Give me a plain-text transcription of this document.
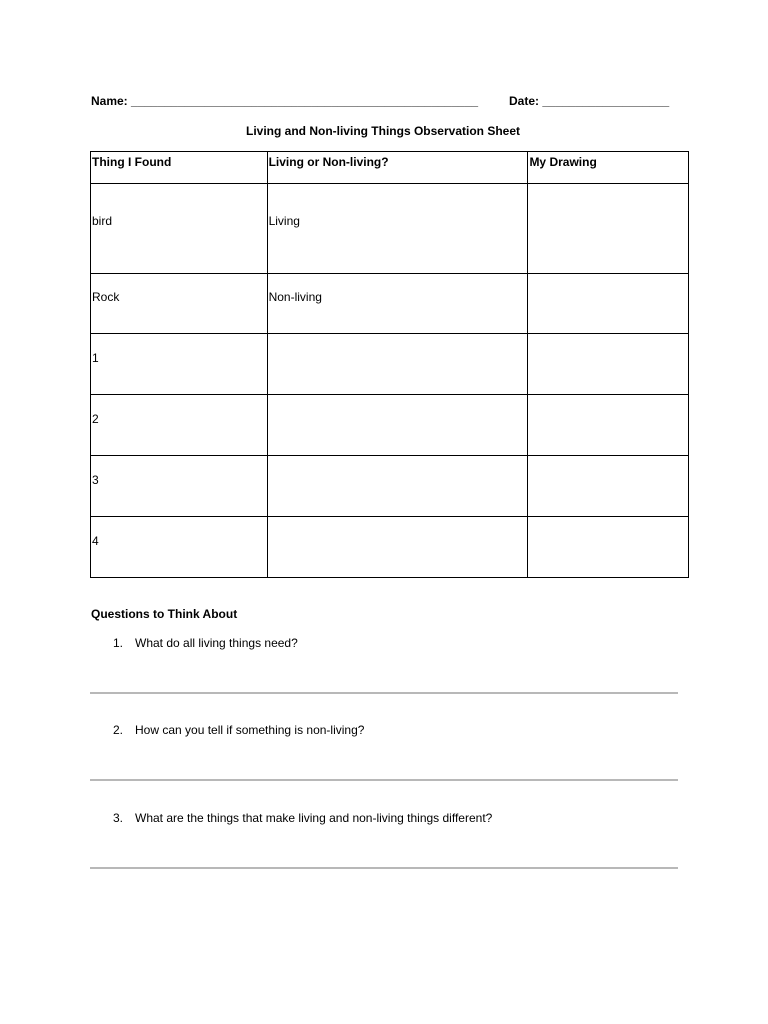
Name: ____________________________________________________	Date: ___________________
Living and Non-living Things Observation Sheet
Thing I Found	Living or Non-living?	My Drawing

bird	Living	

Rock	Non-living	

1		

2		

3		

4		

Questions to Think About
1. What do all living things need?
2. How can you tell if something is non-living?
3. What are the things that make living and non-living things different?
